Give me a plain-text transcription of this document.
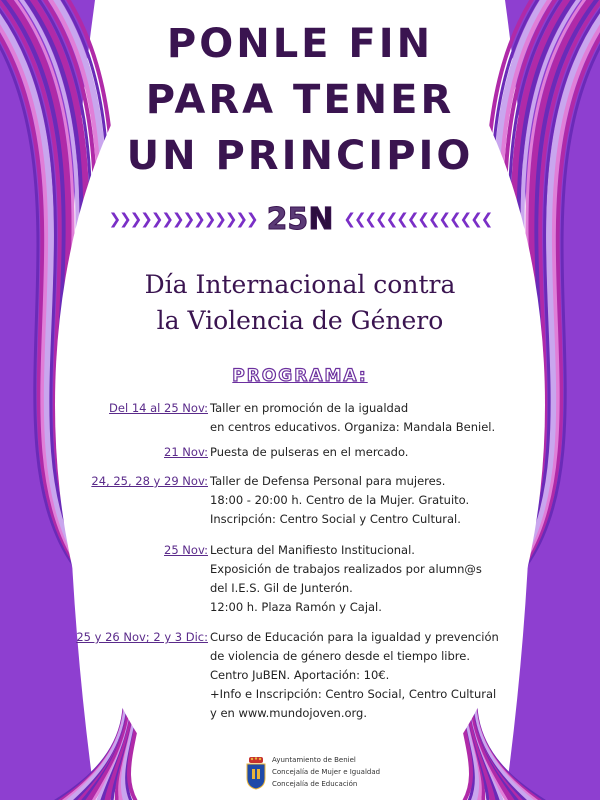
PONLE FIN
PARA TENER
UN PRINCIPIO
❯❯❯❯❯❯❯❯❯❯❯❯❯❯ 25N ❮❮❮❮❮❮❮❮❮❮❮❮❮❮
Día Internacional contra
la Violencia de Género
PROGRAMA:
Del 14 al 25 Nov: Taller en promoción de la igualdad
en centros educativos. Organiza: Mandala Beniel.
21 Nov: Puesta de pulseras en el mercado.
24, 25, 28 y 29 Nov: Taller de Defensa Personal para mujeres.
18:00 - 20:00 h. Centro de la Mujer. Gratuito.
Inscripción: Centro Social y Centro Cultural.
25 Nov: Lectura del Manifiesto Institucional.
Exposición de trabajos realizados por alumn@s
del I.E.S. Gil de Junterón.
12:00 h. Plaza Ramón y Cajal.
25 y 26 Nov; 2 y 3 Dic: Curso de Educación para la igualdad y prevención
de violencia de género desde el tiempo libre.
Centro JuBEN. Aportación: 10€.
+Info e Inscripción: Centro Social, Centro Cultural
y en www.mundojoven.org.
Ayuntamiento de Beniel
Concejalía de Mujer e Igualdad
Concejalía de Educación
